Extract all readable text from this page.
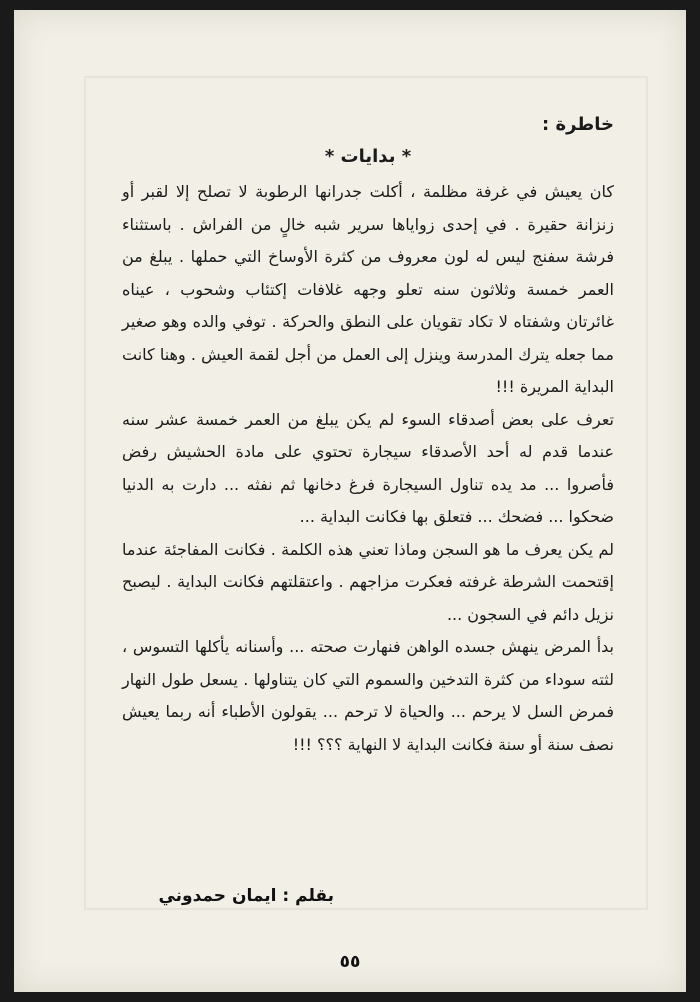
خاطرة :

* بدايات *

كان يعيش في غرفة مظلمة ، أكلت جدرانها الرطوبة لا تصلح إلا لقبر أو زنزانة حقيرة . في إحدى زواياها سرير شبه خالٍ من الفراش . باستثناء فرشة سفنج ليس له لون معروف من كثرة الأوساخ التي حملها . يبلغ من العمر خمسة وثلاثون سنه تعلو وجهه غلافات إكتئاب وشحوب ، عيناه غائرتان وشفتاه لا تكاد تقويان على النطق والحركة . توفي والده وهو صغير مما جعله يترك المدرسة وينزل إلى العمل من أجل لقمة العيش . وهنا كانت البداية المريرة !!!

تعرف على بعض أصدقاء السوء لم يكن يبلغ من العمر خمسة عشر سنه عندما قدم له أحد الأصدقاء سيجارة تحتوي على مادة الحشيش رفض فأصروا ... مد يده تناول السيجارة فرغ دخانها ثم نفثه ... دارت به الدنيا ضحكوا ... فضحك ... فتعلق بها فكانت البداية ...

لم يكن يعرف ما هو السجن وماذا تعني هذه الكلمة . فكانت المفاجئة عندما إقتحمت الشرطة غرفته فعكرت مزاجهم . واعتقلتهم فكانت البداية . ليصبح نزيل دائم في السجون ...

بدأ المرض ينهش جسده الواهن فنهارت صحته ... وأسنانه يأكلها التسوس ، لثته سوداء من كثرة التدخين والسموم التي كان يتناولها . يسعل طول النهار فمرض السل لا يرحم ... والحياة لا ترحم ... يقولون الأطباء أنه ربما يعيش نصف سنة أو سنة فكانت البداية لا النهاية ؟؟؟ !!!

بقلم : ايمان حمدوني
٥٥
